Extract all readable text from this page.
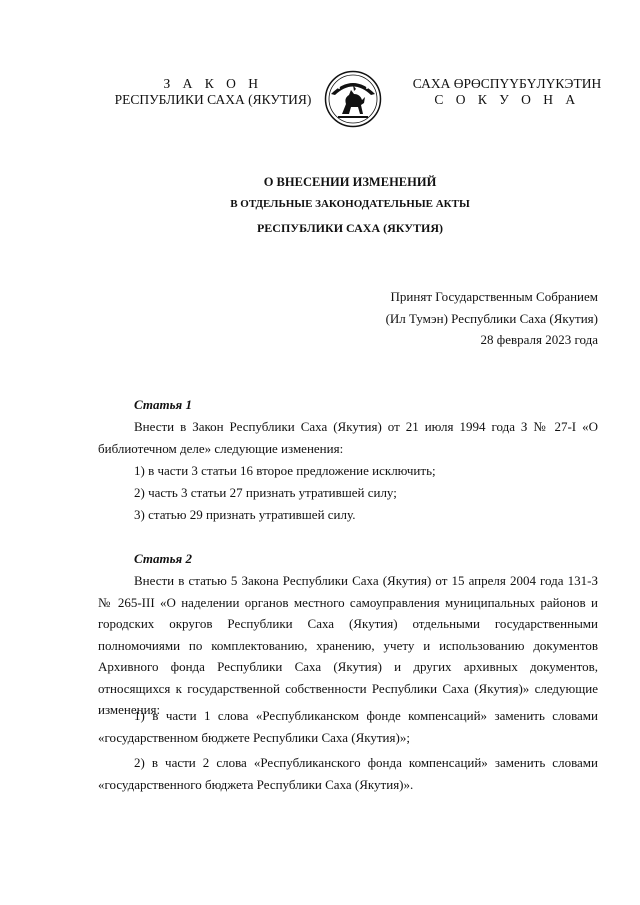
З А К О Н
РЕСПУБЛИКИ САХА (ЯКУТИЯ)
САХА ӨРӨСПҮҮБҮЛҮКЭТИН
С О К У О Н А
О ВНЕСЕНИИ ИЗМЕНЕНИЙ
В ОТДЕЛЬНЫЕ ЗАКОНОДАТЕЛЬНЫЕ АКТЫ
РЕСПУБЛИКИ САХА (ЯКУТИЯ)
Принят Государственным Собранием
(Ил Тумэн) Республики Саха (Якутия)
28 февраля 2023 года
Статья 1
Внести в Закон Республики Саха (Якутия) от 21 июля 1994 года З № 27-I «О библиотечном деле» следующие изменения:
1) в части 3 статьи 16 второе предложение исключить;
2) часть 3 статьи 27 признать утратившей силу;
3) статью 29 признать утратившей силу.
Статья 2
Внести в статью 5 Закона Республики Саха (Якутия) от 15 апреля 2004 года 131-З № 265-III «О наделении органов местного самоуправления муниципальных районов и городских округов Республики Саха (Якутия) отдельными государственными полномочиями по комплектованию, хранению, учету и использованию документов Архивного фонда Республики Саха (Якутия) и других архивных документов, относящихся к государственной собственности Республики Саха (Якутия)» следующие изменения:
1) в части 1 слова «Республиканском фонде компенсаций» заменить словами «государственном бюджете Республики Саха (Якутия)»;
2) в части 2 слова «Республиканского фонда компенсаций» заменить словами «государственного бюджета Республики Саха (Якутия)».
